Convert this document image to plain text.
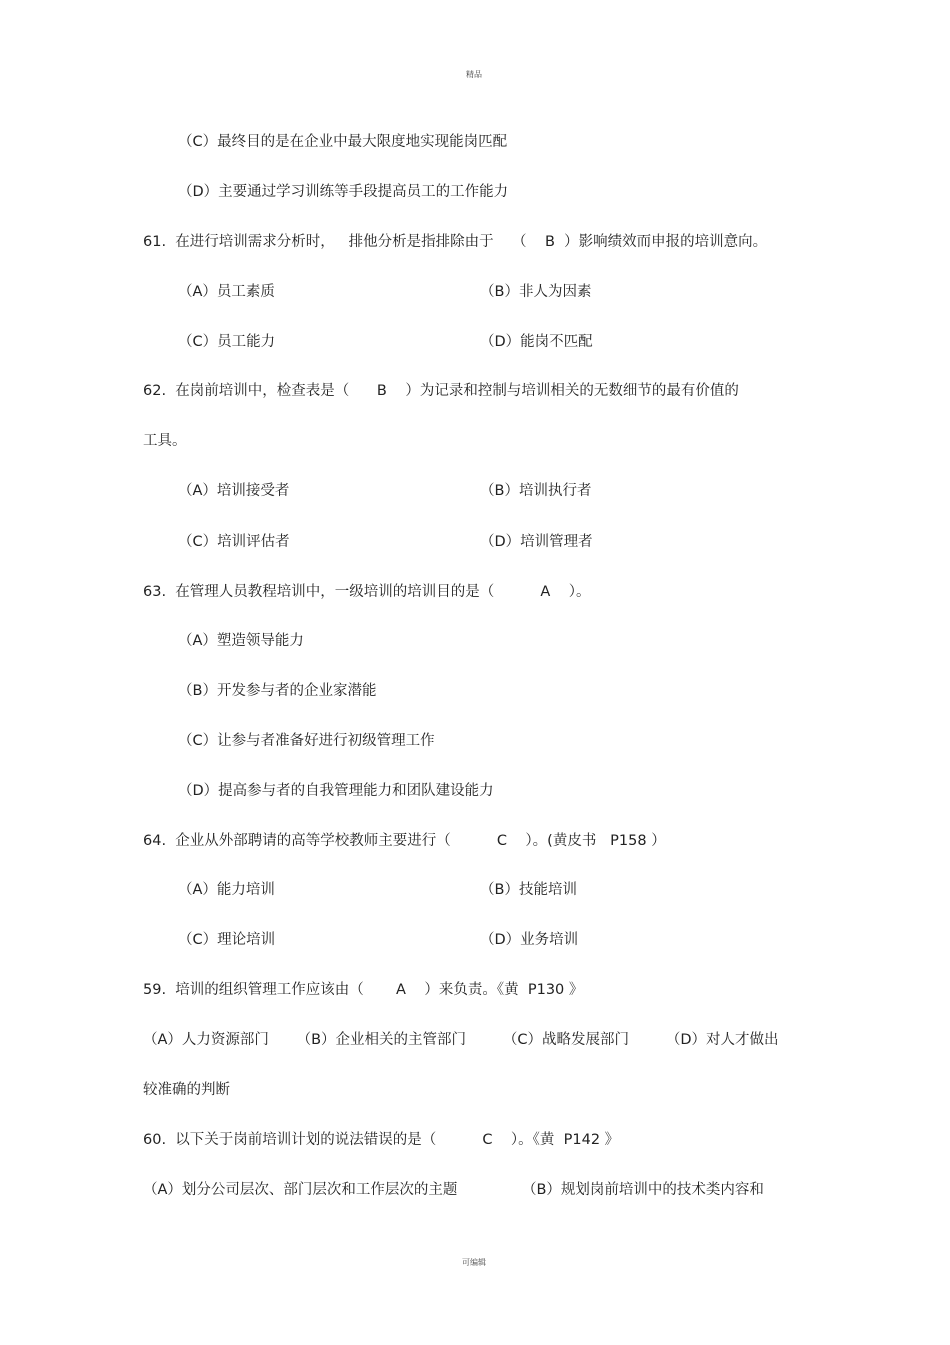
精品
（C）最终目的是在企业中最大限度地实现能岗匹配
（D）主要通过学习训练等手段提高员工的工作能力
61.  在进行培训需求分析时，   排他分析是指排除由于    （    B  ）影响绩效而申报的培训意向。
（A）员工素质	（B）非人为因素
（C）员工能力	（D）能岗不匹配
62.  在岗前培训中，检查表是（      B    ）为记录和控制与培训相关的无数细节的最有价值的
工具。
（A）培训接受者	（B）培训执行者
（C）培训评估者	（D）培训管理者
63.  在管理人员教程培训中，一级培训的培训目的是（          A    ）。
（A）塑造领导能力
（B）开发参与者的企业家潜能
（C）让参与者准备好进行初级管理工作
（D）提高参与者的自我管理能力和团队建设能力
64.  企业从外部聘请的高等学校教师主要进行（          C    ）。(黄皮书   P158 ）
（A）能力培训	（B）技能培训
（C）理论培训	（D）业务培训
59.  培训的组织管理工作应该由（       A    ）来负责。《黄  P130 》
（A）人力资源部门      （B）企业相关的主管部门        （C）战略发展部门        （D）对人才做出
较准确的判断
60.  以下关于岗前培训计划的说法错误的是（          C    ）。《黄  P142 》
（A）划分公司层次、部门层次和工作层次的主题              （B）规划岗前培训中的技术类内容和
可编辑
